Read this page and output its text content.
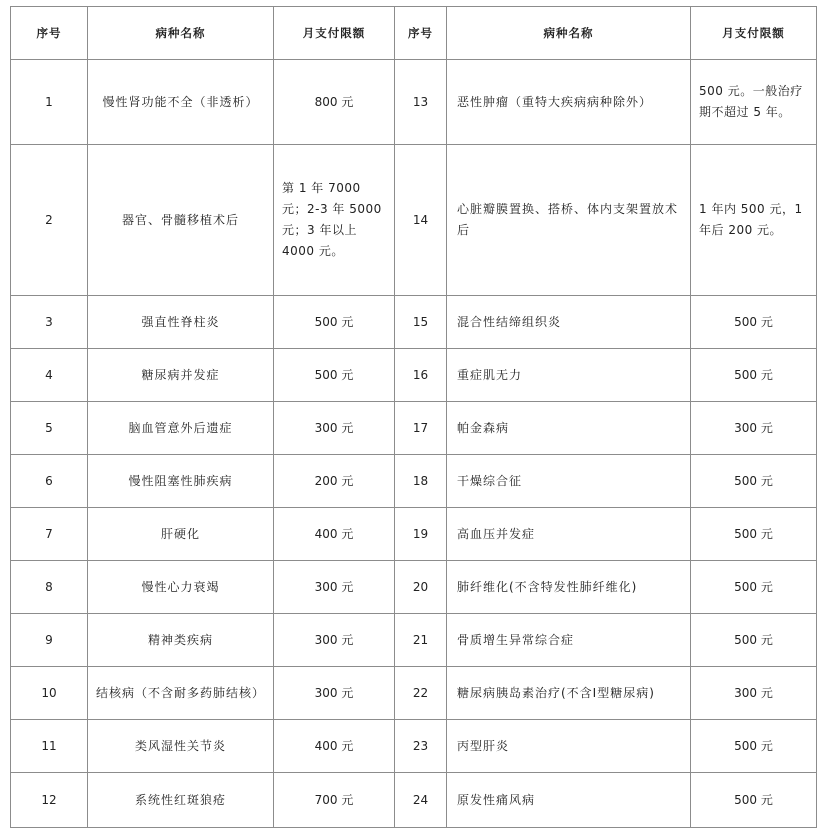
序号	病种名称	月支付限额	序号	病种名称	月支付限额
1	慢性肾功能不全（非透析）	800 元	13	恶性肿瘤（重特大疾病病种除外）	500 元。一般治疗期不超过 5 年。
2	器官、骨髓移植术后	第 1 年 7000 元；2-3 年 5000 元；3 年以上 4000 元。	14	心脏瓣膜置换、搭桥、体内支架置放术后	1 年内 500 元，1 年后 200 元。
3	强直性脊柱炎	500 元	15	混合性结缔组织炎	500 元
4	糖尿病并发症	500 元	16	重症肌无力	500 元
5	脑血管意外后遗症	300 元	17	帕金森病	300 元
6	慢性阻塞性肺疾病	200 元	18	干燥综合征	500 元
7	肝硬化	400 元	19	高血压并发症	500 元
8	慢性心力衰竭	300 元	20	肺纤维化(不含特发性肺纤维化)	500 元
9	精神类疾病	300 元	21	骨质增生异常综合症	500 元
10	结核病（不含耐多药肺结核）	300 元	22	糖尿病胰岛素治疗(不含Ⅰ型糖尿病)	300 元
11	类风湿性关节炎	400 元	23	丙型肝炎	500 元
12	系统性红斑狼疮	700 元	24	原发性痛风病	500 元
